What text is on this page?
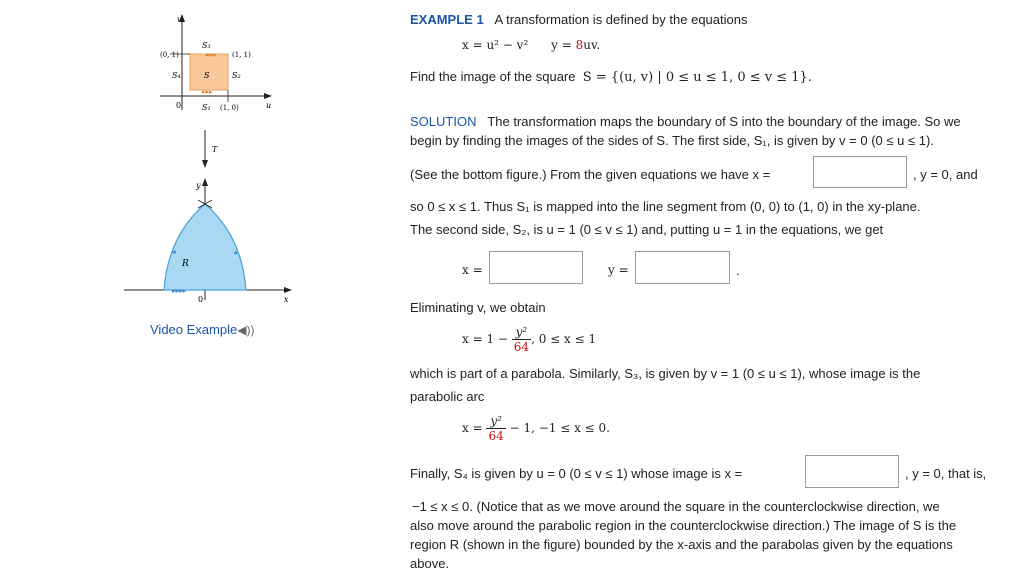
◂◂◂
▸▸▸
v
u
0
(0, 1)	(1, 1)
(1, 0)
S₃
S₄	S	S₂
S₁
T
◂	▴
▸▸▸▸
y
x
0
R
Video Example◀))
EXAMPLE 1 A transformation is defined by the equations
x = u² − v² y = 8uv.
Find the image of the square S = {(u, v) | 0 ≤ u ≤ 1, 0 ≤ v ≤ 1}.
SOLUTION The transformation maps the boundary of S into the boundary of the image. So we
begin by finding the images of the sides of S. The first side, S₁, is given by v = 0 (0 ≤ u ≤ 1).
(See the bottom figure.) From the given equations we have x =	, y = 0, and
so 0 ≤ x ≤ 1. Thus S₁ is mapped into the line segment from (0, 0) to (1, 0) in the xy-plane.
The second side, S₂, is u = 1 (0 ≤ v ≤ 1) and, putting u = 1 in the equations, we get
x =	y =	.
Eliminating v, we obtain
$x = 1 - \frac{\text{y²}}{64}$ , 0 ≤ x ≤ 1
which is part of a parabola. Similarly, S₃, is given by v = 1 (0 ≤ u ≤ 1), whose image is the
parabolic arc
$x = \frac{\text{y²}}{64} - 1$, −1 ≤ x ≤ 0.
Finally, S₄ is given by u = 0 (0 ≤ v ≤ 1) whose image is x =	, y = 0, that is,
−1 ≤ x ≤ 0. (Notice that as we move around the square in the counterclockwise direction, we
also move around the parabolic region in the counterclockwise direction.) The image of S is the
region R (shown in the figure) bounded by the x-axis and the parabolas given by the equations
above.
